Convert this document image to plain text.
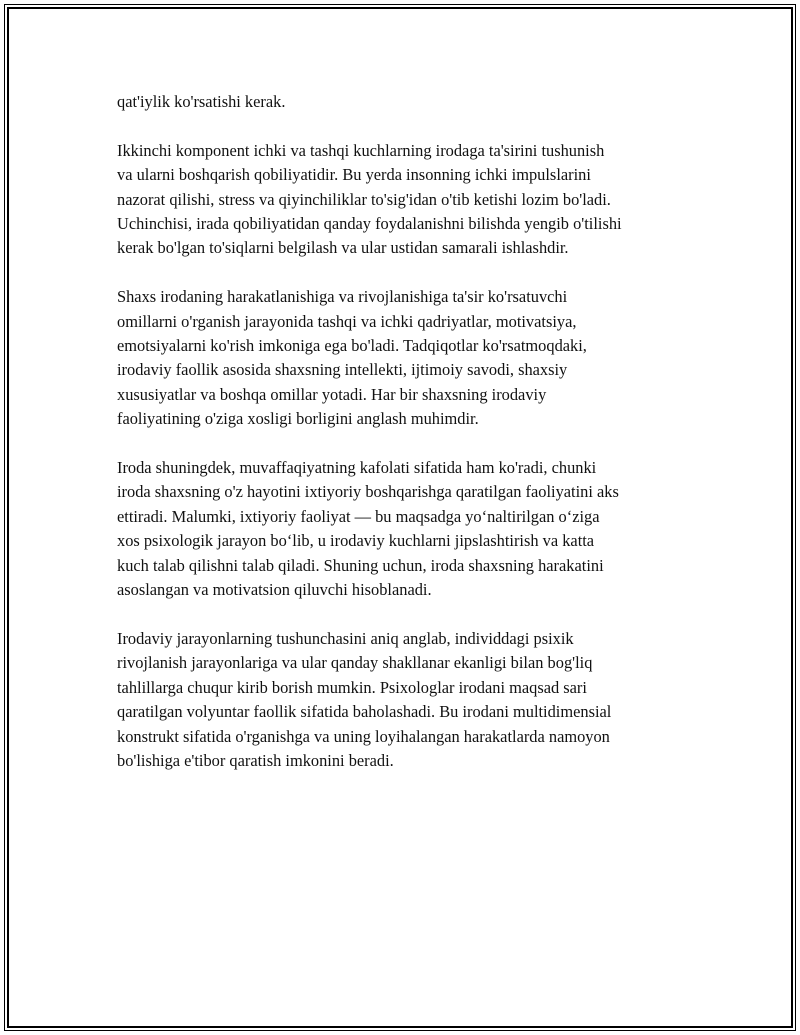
qat'iylik ko'rsatishi kerak.

Ikkinchi komponent ichki va tashqi kuchlarning irodaga ta'sirini tushunish
va ularni boshqarish qobiliyatidir. Bu yerda insonning ichki impulslarini
nazorat qilishi, stress va qiyinchiliklar to'sig'idan o'tib ketishi lozim bo'ladi.
Uchinchisi, irada qobiliyatidan qanday foydalanishni bilishda yengib o'tilishi
kerak bo'lgan to'siqlarni belgilash va ular ustidan samarali ishlashdir.

Shaxs irodaning harakatlanishiga va rivojlanishiga ta'sir ko'rsatuvchi
omillarni o'rganish jarayonida tashqi va ichki qadriyatlar, motivatsiya,
emotsiyalarni ko'rish imkoniga ega bo'ladi. Tadqiqotlar ko'rsatmoqdaki,
irodaviy faollik asosida shaxsning intellekti, ijtimoiy savodi, shaxsiy
xususiyatlar va boshqa omillar yotadi. Har bir shaxsning irodaviy
faoliyatining o'ziga xosligi borligini anglash muhimdir.

Iroda shuningdek, muvaffaqiyatning kafolati sifatida ham ko'radi, chunki
iroda shaxsning o'z hayotini ixtiyoriy boshqarishga qaratilgan faoliyatini aks
ettiradi. Malumki, ixtiyoriy faoliyat — bu maqsadga yo‘naltirilgan o‘ziga
xos psixologik jarayon bo‘lib, u irodaviy kuchlarni jipslashtirish va katta
kuch talab qilishni talab qiladi. Shuning uchun, iroda shaxsning harakatini
asoslangan va motivatsion qiluvchi hisoblanadi.

Irodaviy jarayonlarning tushunchasini aniq anglab, individdagi psixik
rivojlanish jarayonlariga va ular qanday shakllanar ekanligi bilan bog'liq
tahlillarga chuqur kirib borish mumkin. Psixologlar irodani maqsad sari
qaratilgan volyuntar faollik sifatida baholashadi. Bu irodani multidimensial
konstrukt sifatida o'rganishga va uning loyihalangan harakatlarda namoyon
bo'lishiga e'tibor qaratish imkonini beradi.
